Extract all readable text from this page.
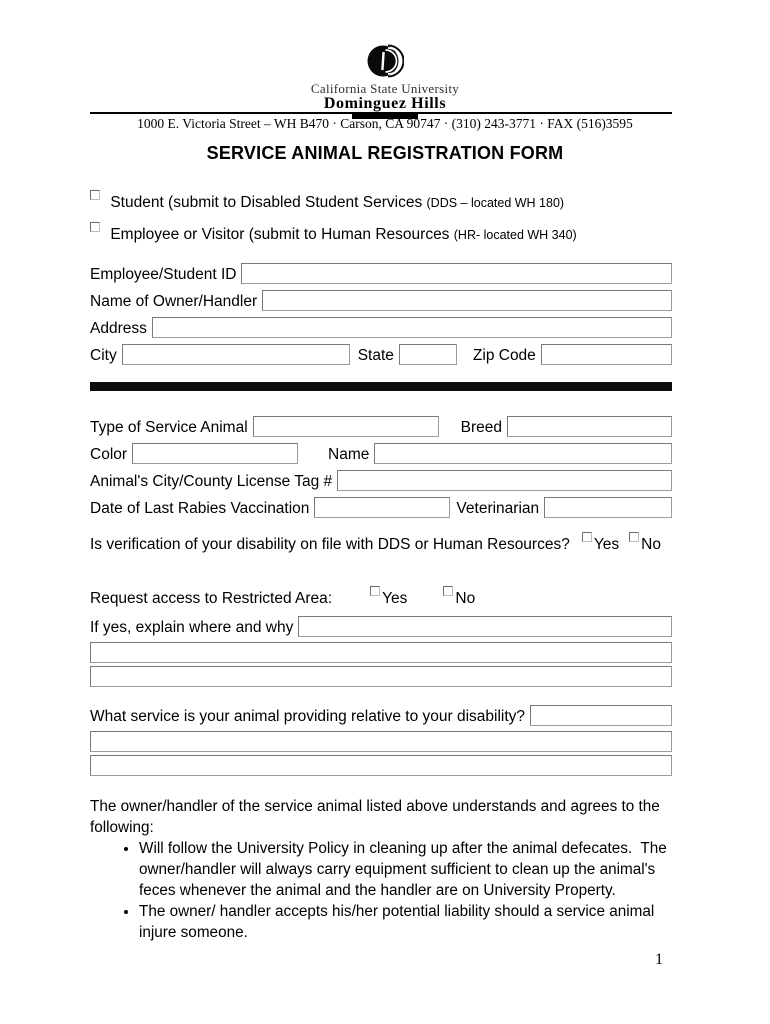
California State University
Dominguez Hills
1000 E. Victoria Street – WH B470 · Carson, CA 90747 · (310) 243-3771 · FAX (516)3595
SERVICE ANIMAL REGISTRATION FORM
Student (submit to Disabled Student Services (DDS – located WH 180)
Employee or Visitor (submit to Human Resources (HR- located WH 340)
Employee/Student ID
Name of Owner/Handler
Address
City	State	Zip Code
Type of Service Animal	Breed
Color	Name
Animal's City/County License Tag #
Date of Last Rabies Vaccination	Veterinarian
Is verification of your disability on file with DDS or Human Resources? Yes No
Request access to Restricted Area:	Yes	No
If yes, explain where and why
What service is your animal providing relative to your disability?
The owner/handler of the service animal listed above understands and agrees to the following:
• Will follow the University Policy in cleaning up after the animal defecates.  The owner/handler will always carry equipment sufficient to clean up the animal's feces whenever the animal and the handler are on University Property.
• The owner/ handler accepts his/her potential liability should a service animal injure someone.
1
